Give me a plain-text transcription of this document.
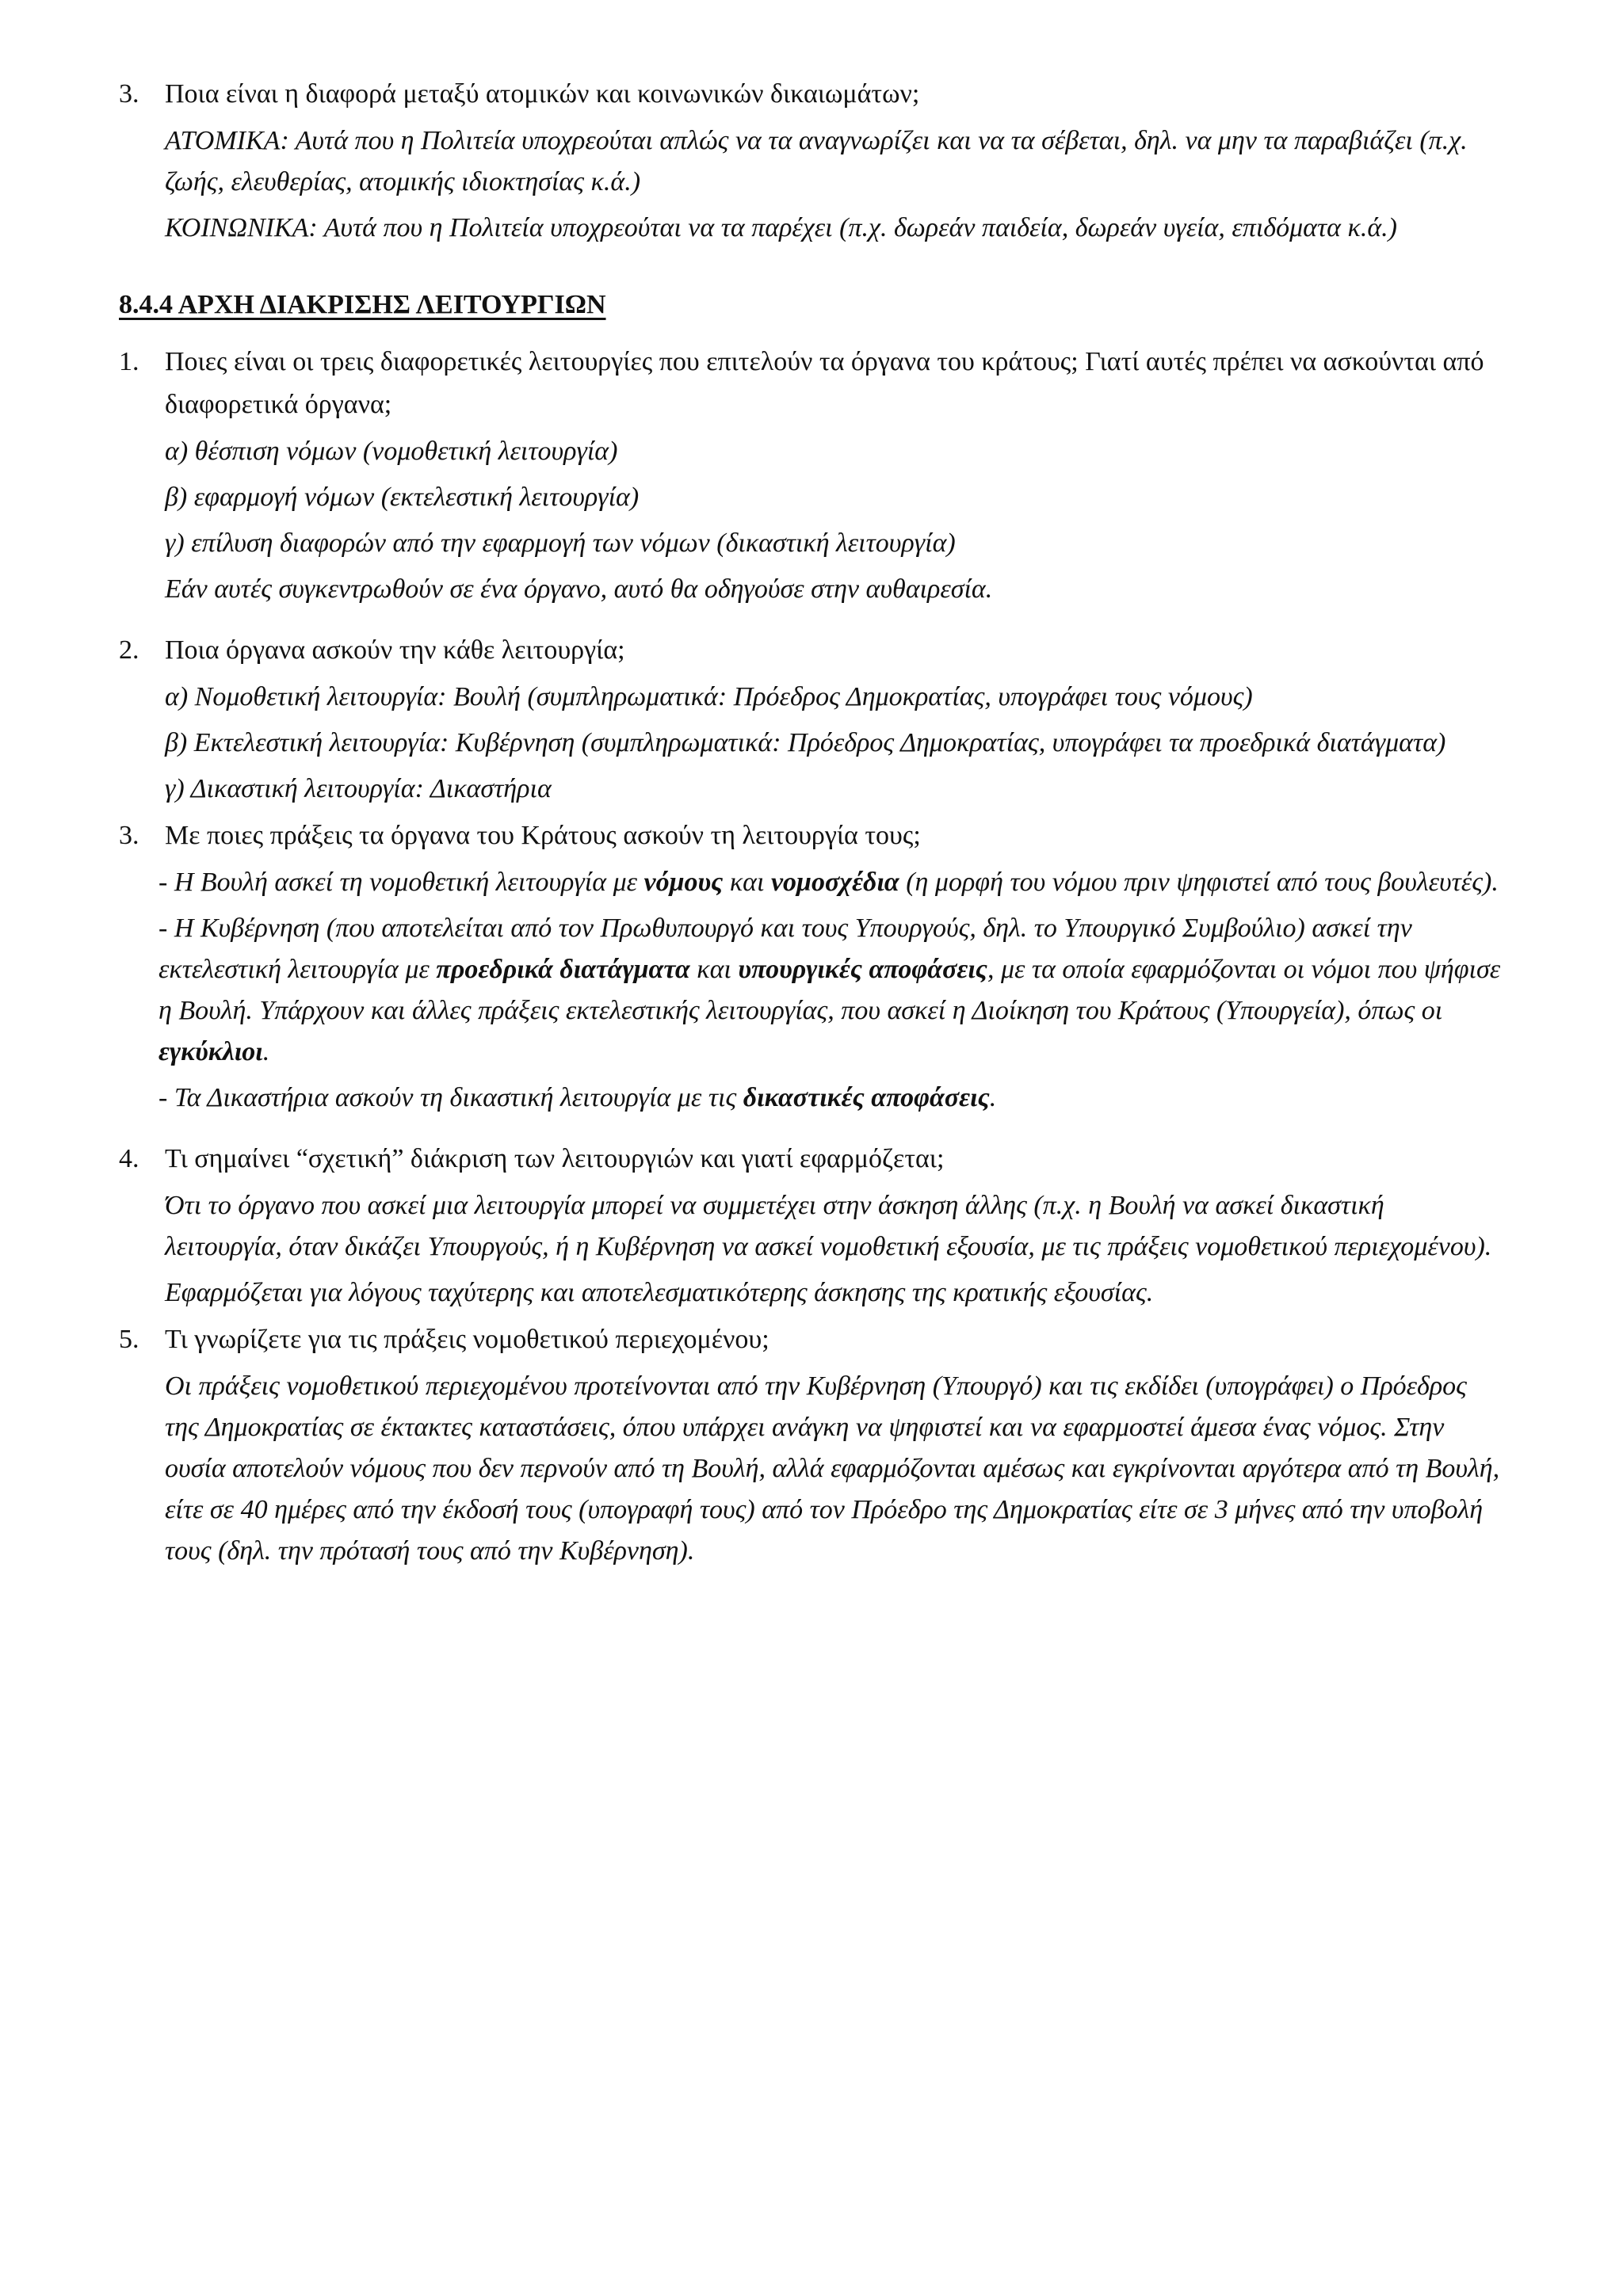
3. Ποια είναι η διαφορά μεταξύ ατομικών και κοινωνικών δικαιωμάτων;
ΑΤΟΜΙΚΑ: Αυτά που η Πολιτεία υποχρεούται απλώς να τα αναγνωρίζει και να τα σέβεται, δηλ. να μην τα παραβιάζει (π.χ. ζωής, ελευθερίας, ατομικής ιδιοκτησίας κ.ά.)
ΚΟΙΝΩΝΙΚΑ: Αυτά που η Πολιτεία υποχρεούται να τα παρέχει (π.χ. δωρεάν παιδεία, δωρεάν υγεία, επιδόματα κ.ά.)
8.4.4 ΑΡΧΗ ΔΙΑΚΡΙΣΗΣ ΛΕΙΤΟΥΡΓΙΩΝ
1. Ποιες είναι οι τρεις διαφορετικές λειτουργίες που επιτελούν τα όργανα του κράτους; Γιατί αυτές πρέπει να ασκούνται από διαφορετικά όργανα;
α) θέσπιση νόμων (νομοθετική λειτουργία)
β) εφαρμογή νόμων (εκτελεστική λειτουργία)
γ) επίλυση διαφορών από την εφαρμογή των νόμων (δικαστική λειτουργία)
Εάν αυτές συγκεντρωθούν σε ένα όργανο, αυτό θα οδηγούσε στην αυθαιρεσία.
2. Ποια όργανα ασκούν την κάθε λειτουργία;
α) Νομοθετική λειτουργία: Βουλή (συμπληρωματικά: Πρόεδρος Δημοκρατίας, υπογράφει τους νόμους)
β) Εκτελεστική λειτουργία: Κυβέρνηση (συμπληρωματικά: Πρόεδρος Δημοκρατίας, υπογράφει τα προεδρικά διατάγματα)
γ) Δικαστική λειτουργία: Δικαστήρια
3. Με ποιες πράξεις τα όργανα του Κράτους ασκούν τη λειτουργία τους;
- Η Βουλή ασκεί τη νομοθετική λειτουργία με νόμους και νομοσχέδια (η μορφή του νόμου πριν ψηφιστεί από τους βουλευτές).
- Η Κυβέρνηση (που αποτελείται από τον Πρωθυπουργό και τους Υπουργούς, δηλ. το Υπουργικό Συμβούλιο) ασκεί την εκτελεστική λειτουργία με προεδρικά διατάγματα και υπουργικές αποφάσεις, με τα οποία εφαρμόζονται οι νόμοι που ψήφισε η Βουλή. Υπάρχουν και άλλες πράξεις εκτελεστικής λειτουργίας, που ασκεί η Διοίκηση του Κράτους (Υπουργεία), όπως οι εγκύκλιοι.
- Τα Δικαστήρια ασκούν τη δικαστική λειτουργία με τις δικαστικές αποφάσεις.
4. Τι σημαίνει “σχετική” διάκριση των λειτουργιών και γιατί εφαρμόζεται;
Ότι το όργανο που ασκεί μια λειτουργία μπορεί να συμμετέχει στην άσκηση άλλης (π.χ. η Βουλή να ασκεί δικαστική λειτουργία, όταν δικάζει Υπουργούς, ή η Κυβέρνηση να ασκεί νομοθετική εξουσία, με τις πράξεις νομοθετικού περιεχομένου).
Εφαρμόζεται για λόγους ταχύτερης και αποτελεσματικότερης άσκησης της κρατικής εξουσίας.
5. Τι γνωρίζετε για τις πράξεις νομοθετικού περιεχομένου;
Οι πράξεις νομοθετικού περιεχομένου προτείνονται από την Κυβέρνηση (Υπουργό) και τις εκδίδει (υπογράφει) ο Πρόεδρος της Δημοκρατίας σε έκτακτες καταστάσεις, όπου υπάρχει ανάγκη να ψηφιστεί και να εφαρμοστεί άμεσα ένας νόμος. Στην ουσία αποτελούν νόμους που δεν περνούν από τη Βουλή, αλλά εφαρμόζονται αμέσως και εγκρίνονται αργότερα από τη Βουλή, είτε σε 40 ημέρες από την έκδοσή τους (υπογραφή τους) από τον Πρόεδρο της Δημοκρατίας είτε σε 3 μήνες από την υποβολή τους (δηλ. την πρότασή τους από την Κυβέρνηση).
